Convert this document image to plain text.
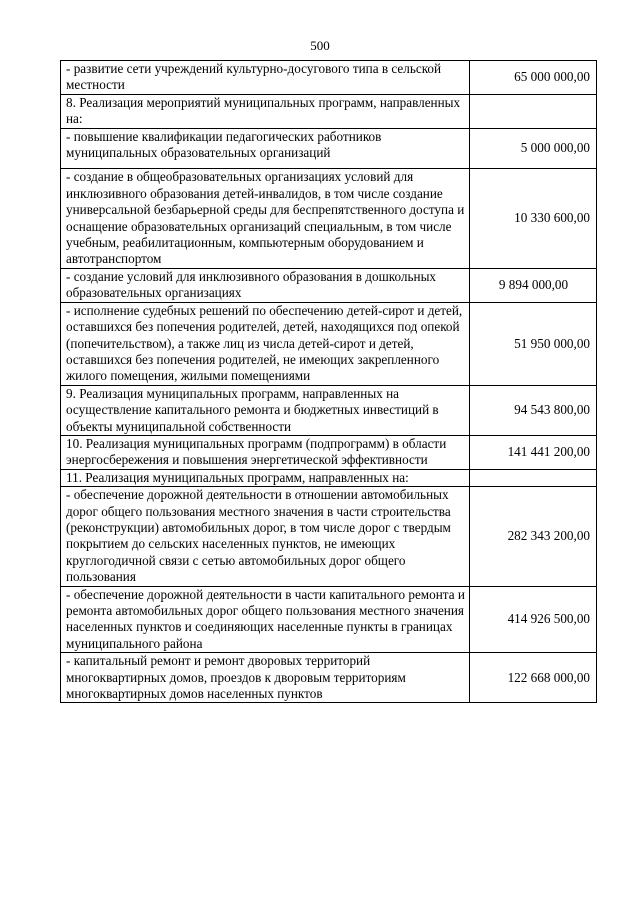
500
- развитие сети учреждений культурно-досугового типа в сельской местности	65 000 000,00
8. Реализация мероприятий муниципальных программ, направленных на:	
- повышение квалификации педагогических работников муниципальных образовательных организаций	5 000 000,00
- создание в общеобразовательных организациях условий для инклюзивного образования детей-инвалидов, в том числе создание универсальной безбарьерной среды для беспрепятственного доступа и оснащение образовательных организаций специальным, в том числе учебным, реабилитационным, компьютерным оборудованием и автотранспортом	10 330 600,00
- создание условий для инклюзивного образования в дошкольных образовательных организациях	9 894 000,00
- исполнение судебных решений по обеспечению детей-сирот и детей, оставшихся без попечения родителей, детей, находящихся под опекой (попечительством), а также лиц из числа детей-сирот и детей, оставшихся без попечения родителей, не имеющих закрепленного жилого помещения, жилыми помещениями	51 950 000,00
9. Реализация муниципальных программ, направленных на осуществление капитального ремонта и бюджетных инвестиций в объекты муниципальной собственности	94 543 800,00
10. Реализация муниципальных программ (подпрограмм) в области энергосбережения и повышения энергетической эффективности	141 441 200,00
11. Реализация муниципальных программ, направленных на:	
- обеспечение дорожной деятельности в отношении автомобильных дорог общего пользования местного значения в части строительства (реконструкции) автомобильных дорог, в том числе дорог с твердым покрытием до сельских населенных пунктов, не имеющих круглогодичной связи с сетью автомобильных дорог общего пользования	282 343 200,00
- обеспечение дорожной деятельности в части капитального ремонта и ремонта автомобильных дорог общего пользования местного значения населенных пунктов и соединяющих населенные пункты в границах муниципального района	414 926 500,00
- капитальный ремонт и ремонт дворовых территорий многоквартирных домов, проездов к дворовым территориям многоквартирных домов населенных пунктов	122 668 000,00
